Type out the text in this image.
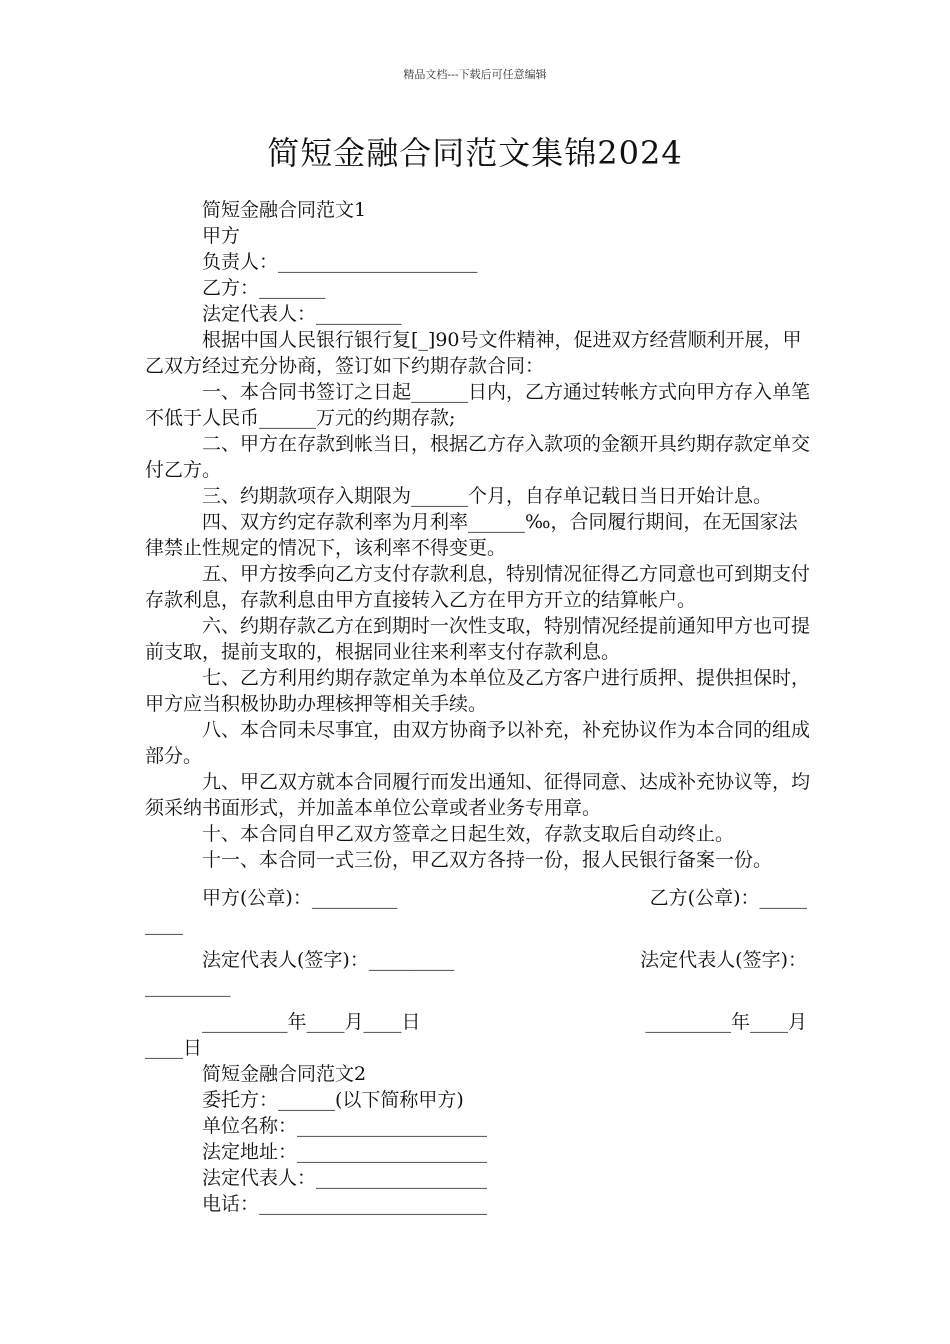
精品文档---下载后可任意编辑
简短金融合同范文集锦2024
简短金融合同范文1
甲方
负责人：_____________________
乙方：_______
法定代表人：_________
根据中国人民银行银行复[_]90号文件精神，促进双方经营顺利开展，甲乙双方经过充分协商，签订如下约期存款合同：
一、本合同书签订之日起______日内，乙方通过转帐方式向甲方存入单笔不低于人民币______万元的约期存款;
二、甲方在存款到帐当日，根据乙方存入款项的金额开具约期存款定单交付乙方。
三、约期款项存入期限为______个月，自存单记载日当日开始计息。
四、双方约定存款利率为月利率______‰，合同履行期间，在无国家法律禁止性规定的情况下，该利率不得变更。
五、甲方按季向乙方支付存款利息，特别情况征得乙方同意也可到期支付存款利息，存款利息由甲方直接转入乙方在甲方开立的结算帐户。
六、约期存款乙方在到期时一次性支取，特别情况经提前通知甲方也可提前支取，提前支取的，根据同业往来利率支付存款利息。
七、乙方利用约期存款定单为本单位及乙方客户进行质押、提供担保时，甲方应当积极协助办理核押等相关手续。
八、本合同未尽事宜，由双方协商予以补充，补充协议作为本合同的组成部分。
九、甲乙双方就本合同履行而发出通知、征得同意、达成补充协议等，均须采纳书面形式，并加盖本单位公章或者业务专用章。
十、本合同自甲乙双方签章之日起生效，存款支取后自动终止。
十一、本合同一式三份，甲乙双方各持一份，报人民银行备案一份。
甲方(公章)：_________	乙方(公章)：_____
____
法定代表人(签字)：_________	法定代表人(签字)：
_________
_________年____月____日	_________年____月
____日
简短金融合同范文2
委托方：______(以下简称甲方)
单位名称：____________________
法定地址：____________________
法定代表人：__________________
电话：________________________
